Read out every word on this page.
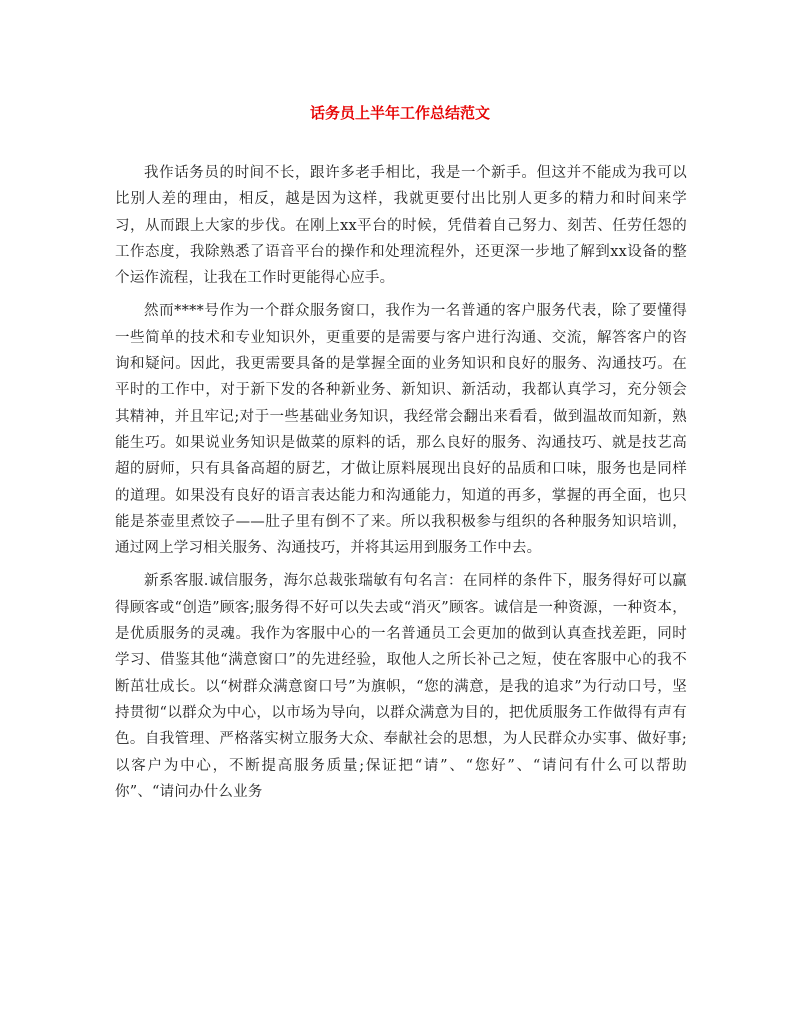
话务员上半年工作总结范文

我作话务员的时间不长，跟许多老手相比，我是一个新手。但这并不能成为我可以比别人差的理由，相反，越是因为这样，我就更要付出比别人更多的精力和时间来学习，从而跟上大家的步伐。在刚上xx平台的时候，凭借着自己努力、刻苦、任劳任怨的工作态度，我除熟悉了语音平台的操作和处理流程外，还更深一步地了解到xx设备的整个运作流程，让我在工作时更能得心应手。

然而****号作为一个群众服务窗口，我作为一名普通的客户服务代表，除了要懂得一些简单的技术和专业知识外，更重要的是需要与客户进行沟通、交流，解答客户的咨询和疑问。因此，我更需要具备的是掌握全面的业务知识和良好的服务、沟通技巧。在平时的工作中，对于新下发的各种新业务、新知识、新活动，我都认真学习，充分领会其精神，并且牢记;对于一些基础业务知识，我经常会翻出来看看，做到温故而知新，熟能生巧。如果说业务知识是做菜的原料的话，那么良好的服务、沟通技巧、就是技艺高超的厨师，只有具备高超的厨艺，才做让原料展现出良好的品质和口味，服务也是同样的道理。如果没有良好的语言表达能力和沟通能力，知道的再多，掌握的再全面，也只能是茶壶里煮饺子——肚子里有倒不了来。所以我积极参与组织的各种服务知识培训，通过网上学习相关服务、沟通技巧，并将其运用到服务工作中去。

新系客服.诚信服务，海尔总裁张瑞敏有句名言：在同样的条件下，服务得好可以赢得顾客或“创造”顾客;服务得不好可以失去或“消灭”顾客。诚信是一种资源，一种资本，是优质服务的灵魂。我作为客服中心的一名普通员工会更加的做到认真查找差距，同时学习、借鉴其他“满意窗口”的先进经验，取他人之所长补己之短，使在客服中心的我不断茁壮成长。以“树群众满意窗口号”为旗帜，“您的满意，是我的追求”为行动口号，坚持贯彻“以群众为中心，以市场为导向，以群众满意为目的，把优质服务工作做得有声有色。自我管理、严格落实树立服务大众、奉献社会的思想，为人民群众办实事、做好事;以客户为中心，不断提高服务质量;保证把“请”、“您好”、“请问有什么可以帮助你”、“请问办什么业务
